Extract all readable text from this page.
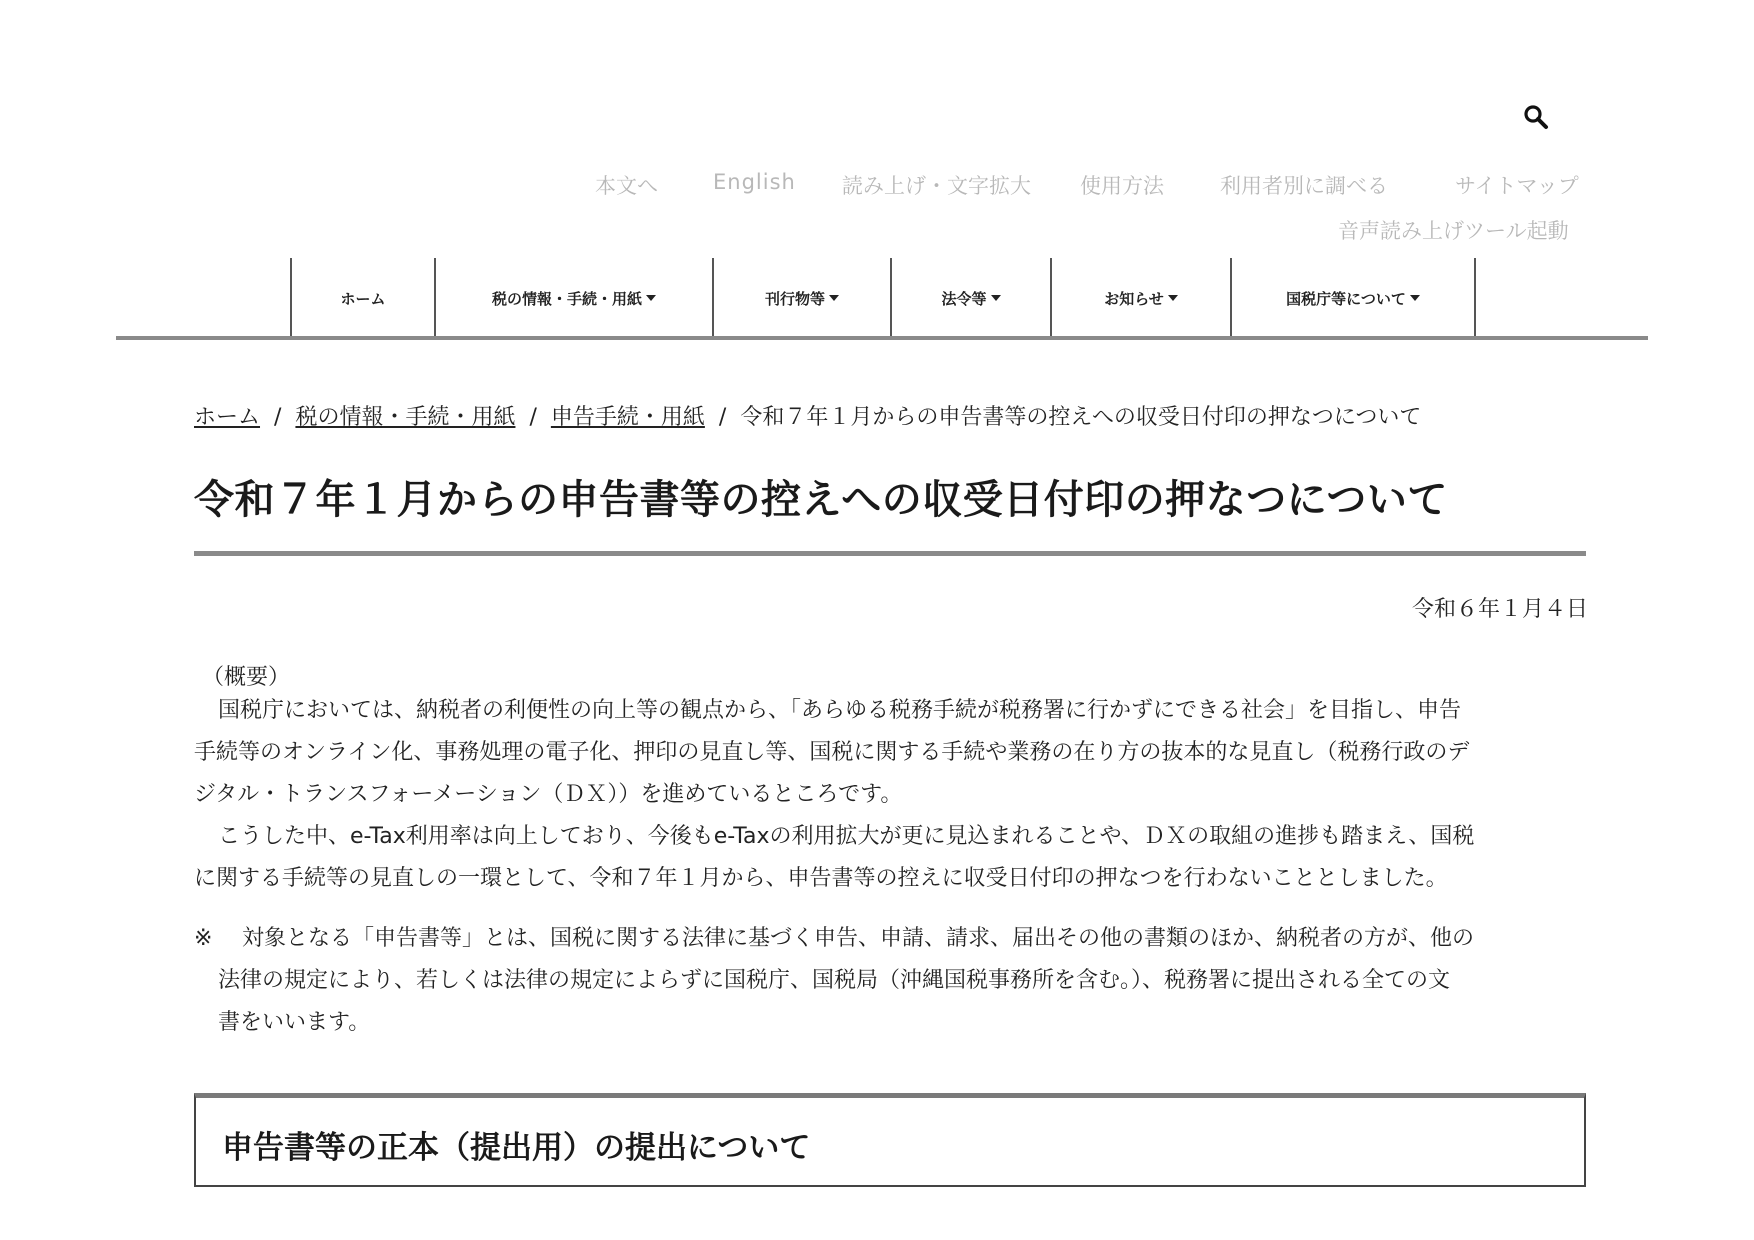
本文へ	English 読み上げ・文字拡大 使用方法	利用者別に調べる	サイトマップ
音声読み上げツール起動
ホーム	税の情報・手続・用紙	刊行物等	法令等	お知らせ	国税庁等について
ホーム / 税の情報・手続・用紙 / 申告手続・用紙 / 令和７年１月からの申告書等の控えへの収受日付印の押なつについて
令和７年１月からの申告書等の控えへの収受日付印の押なつについて
令和６年１月４日
（概要）

国税庁においては、納税者の利便性の向上等の観点から、「あらゆる税務手続が税務署に行かずにできる社会」を目指し、申告
手続等のオンライン化、事務処理の電子化、押印の見直し等、国税に関する手続や業務の在り方の抜本的な見直し（税務行政のデ
ジタル・トランスフォーメーション（ＤＸ））を進めているところです。

こうした中、e-Tax利用率は向上しており、今後もe-Taxの利用拡大が更に見込まれることや、ＤＸの取組の進捗も踏まえ、国税
に関する手続等の見直しの一環として、令和７年１月から、申告書等の控えに収受日付印の押なつを行わないこととしました。

※ 対象となる「申告書等」とは、国税に関する法律に基づく申告、申請、請求、届出その他の書類のほか、納税者の方が、他の
法律の規定により、若しくは法律の規定によらずに国税庁、国税局（沖縄国税事務所を含む。）、税務署に提出される全ての文
書をいいます。

申告書等の正本（提出用）の提出について
